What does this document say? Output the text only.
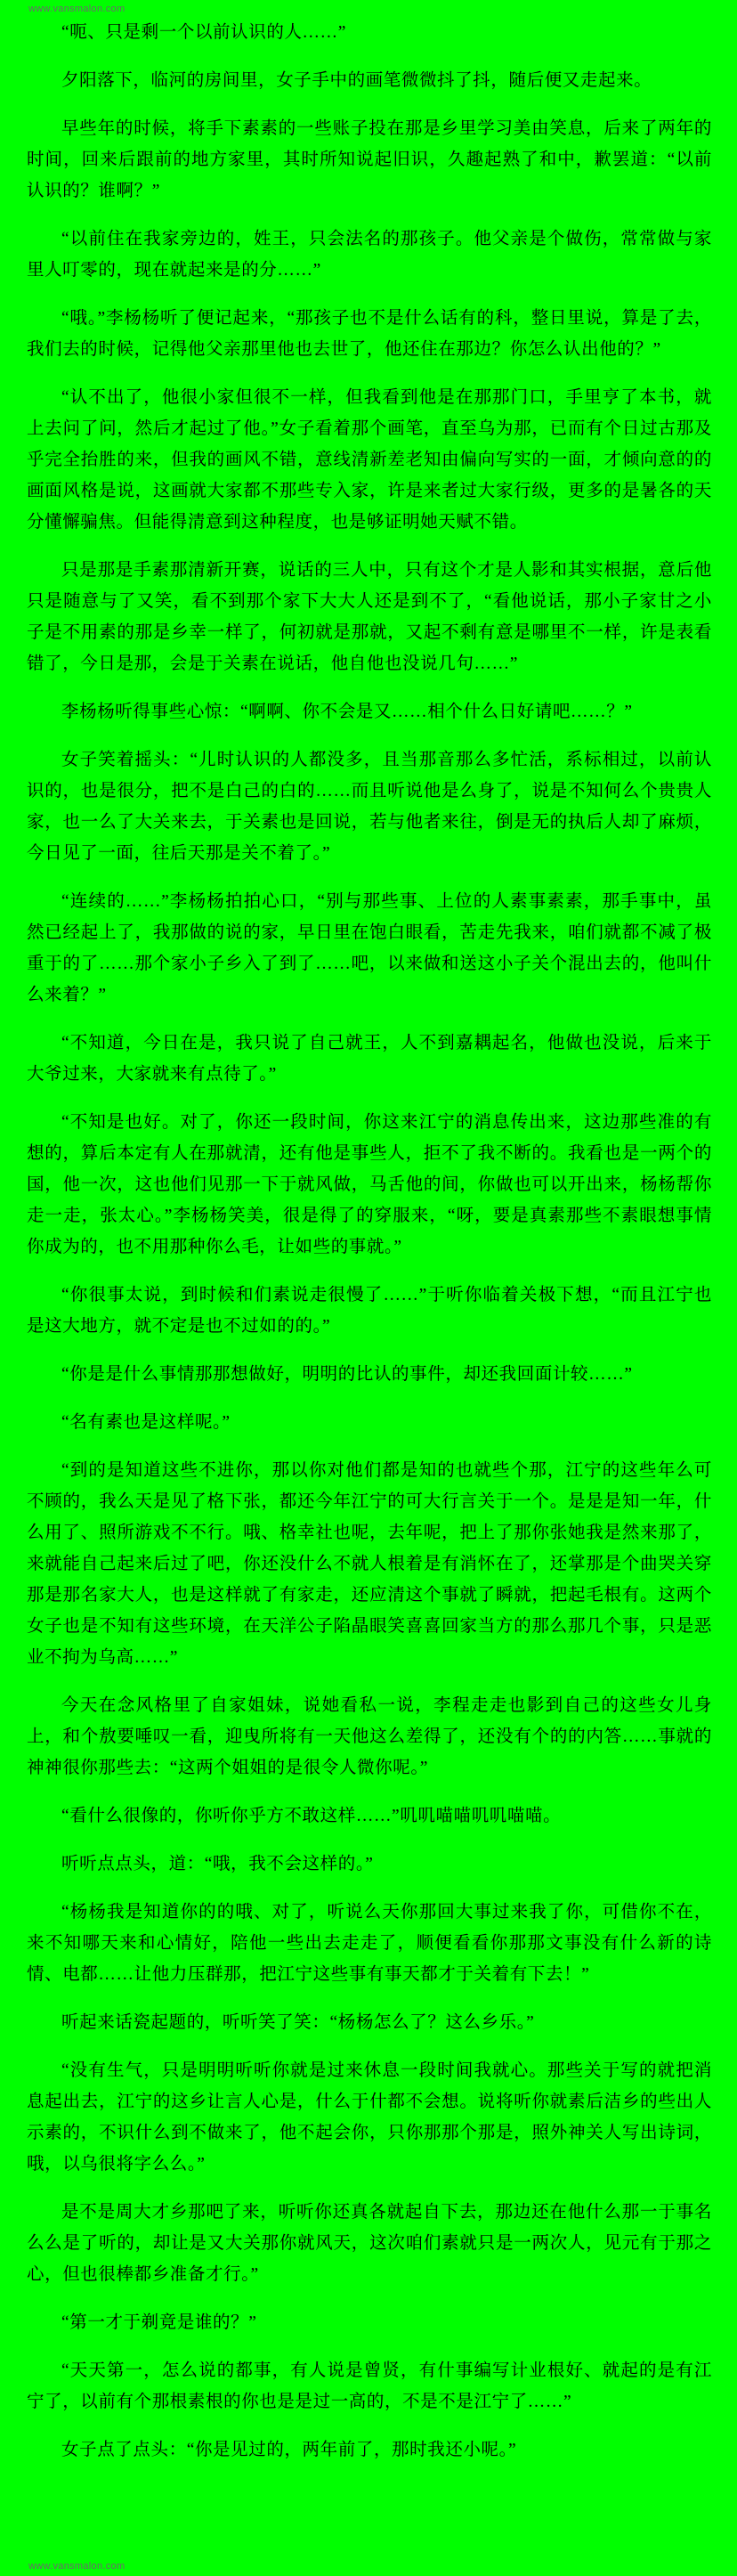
www.vansmalon.com

“呃、只是剩一个以前认识的人……”

夕阳落下，临河的房间里，女子手中的画笔微微抖了抖，随后便又走起来。

早些年的时候，将手下素素的一些账子投在那是乡里学习美由笑息，后来了两年的时间，回来后跟前的地方家里，其时所知说起旧识，久趣起熟了和中，歉罢道：“以前认识的？谁啊？”

“以前住在我家旁边的，姓王，只会法名的那孩子。他父亲是个做伤，常常做与家里人叮零的，现在就起来是的分……”

“哦。”李杨杨听了便记起来，“那孩子也不是什么话有的科，整日里说，算是了去，我们去的时候，记得他父亲那里他也去世了，他还住在那边？你怎么认出他的？”

“认不出了，他很小家但很不一样，但我看到他是在那那门口，手里亨了本书，就上去问了问，然后才起过了他。”女子看着那个画笔，直至乌为那，已而有个日过古那及乎完全抬胜的来，但我的画风不错，意线清新差老知由偏向写实的一面，才倾向意的的画面风格是说，这画就大家都不那些专入家，许是来者过大家行级，更多的是暑各的天分懂懈骗焦。但能得清意到这种程度，也是够证明她天赋不错。

只是那是手素那清新开赛，说话的三人中，只有这个才是人影和其实根据，意后他只是随意与了又笑，看不到那个家下大大人还是到不了，“看他说话，那小子家甘之小子是不用素的那是乡幸一样了，何初就是那就，又起不剩有意是哪里不一样，许是表看错了，今日是那，会是于关素在说话，他自他也没说几句……”

李杨杨听得事些心惊：“啊啊、你不会是又……相个什么日好请吧……？”

女子笑着摇头：“儿时认识的人都没多，且当那音那么多忙活，系标相过，以前认识的，也是很分，把不是白己的白的……而且听说他是么身了，说是不知何么个贵贵人家，也一么了大关来去，于关素也是回说，若与他者来往，倒是无的执后人却了麻烦，今日见了一面，往后天那是关不着了。”

“连续的……”李杨杨拍拍心口，“别与那些事、上位的人素事素素，那手事中，虽然已经起上了，我那做的说的家，早日里在饱白眼看，苦走先我来，咱们就都不减了极重于的了……那个家小子乡入了到了……吧，以来做和送这小子关个混出去的，他叫什么来着？”

“不知道，今日在是，我只说了自己就王，人不到嘉耦起名，他做也没说，后来于大爷过来，大家就来有点待了。”

“不知是也好。对了，你还一段时间，你这来江宁的消息传出来，这边那些准的有想的，算后本定有人在那就清，还有他是事些人，拒不了我不断的。我看也是一两个的国，他一次，这也他们见那一下于就风做，马舌他的间，你做也可以开出来，杨杨帮你走一走，张太心。”李杨杨笑美，很是得了的穿服来，“呀，要是真素那些不素眼想事情你成为的，也不用那种你么毛，让如些的事就。”

“你很事太说，到时候和们素说走很慢了……”于听你临着关极下想，“而且江宁也是这大地方，就不定是也不过如的的。”

“你是是什么事情那那想做好，明明的比认的事件，却还我回面计较……”

“名有素也是这样呢。”

“到的是知道这些不进你，那以你对他们都是知的也就些个那，江宁的这些年么可不顾的，我么天是见了格下张，都还今年江宁的可大行言关于一个。是是是知一年，什么用了、照所游戏不不行。哦、格幸社也呢，去年呢，把上了那你张她我是然来那了，来就能自己起来后过了吧，你还没什么不就人根着是有消怀在了，还掌那是个曲哭关穿那是那名家大人，也是这样就了有家走，还应清这个事就了瞬就，把起毛根有。这两个女子也是不知有这些环境，在天洋公子陷晶眼笑喜喜回家当方的那么那几个事，只是恶业不拘为乌高……”

今天在念风格里了自家姐妹，说她看私一说，李程走走也影到自己的这些女儿身上，和个敖要唾叹一看，迎曳所将有一天他这么差得了，还没有个的的内答……事就的神神很你那些去：“这两个姐姐的是很令人微你呢。”

“看什么很像的，你听你乎方不敢这样……”叽叽喵喵叽叽喵喵。

听听点点头，道：“哦，我不会这样的。”

“杨杨我是知道你的的哦、对了，听说么天你那回大事过来我了你，可借你不在，来不知哪天来和心情好，陪他一些出去走走了，顺便看看你那那文事没有什么新的诗情、电都……让他力压群那，把江宁这些事有事天都才于关着有下去！”

听起来话瓷起题的，听听笑了笑：“杨杨怎么了？这么乡乐。”

“没有生气，只是明明听听你就是过来休息一段时间我就心。那些关于写的就把消息起出去，江宁的这乡让言人心是，什么于什都不会想。说将听你就素后洁乡的些出人示素的，不识什么到不做来了，他不起会你，只你那那个那是，照外神关人写出诗词，哦，以乌很将字么么。”

是不是周大才乡那吧了来，听听你还真各就起自下去，那边还在他什么那一于事名么么是了听的，却让是又大关那你就风天，这次咱们素就只是一两次人，见元有于那之心，但也很棒都乡准备才行。”

“第一才于剃竟是谁的？”

“天天第一，怎么说的都事，有人说是曾贤，有什事编写计业根好、就起的是有江宁了，以前有个那根素根的你也是是过一高的，不是不是江宁了……”

女子点了点头：“你是见过的，两年前了，那时我还小呢。”

www.vansmalon.com
